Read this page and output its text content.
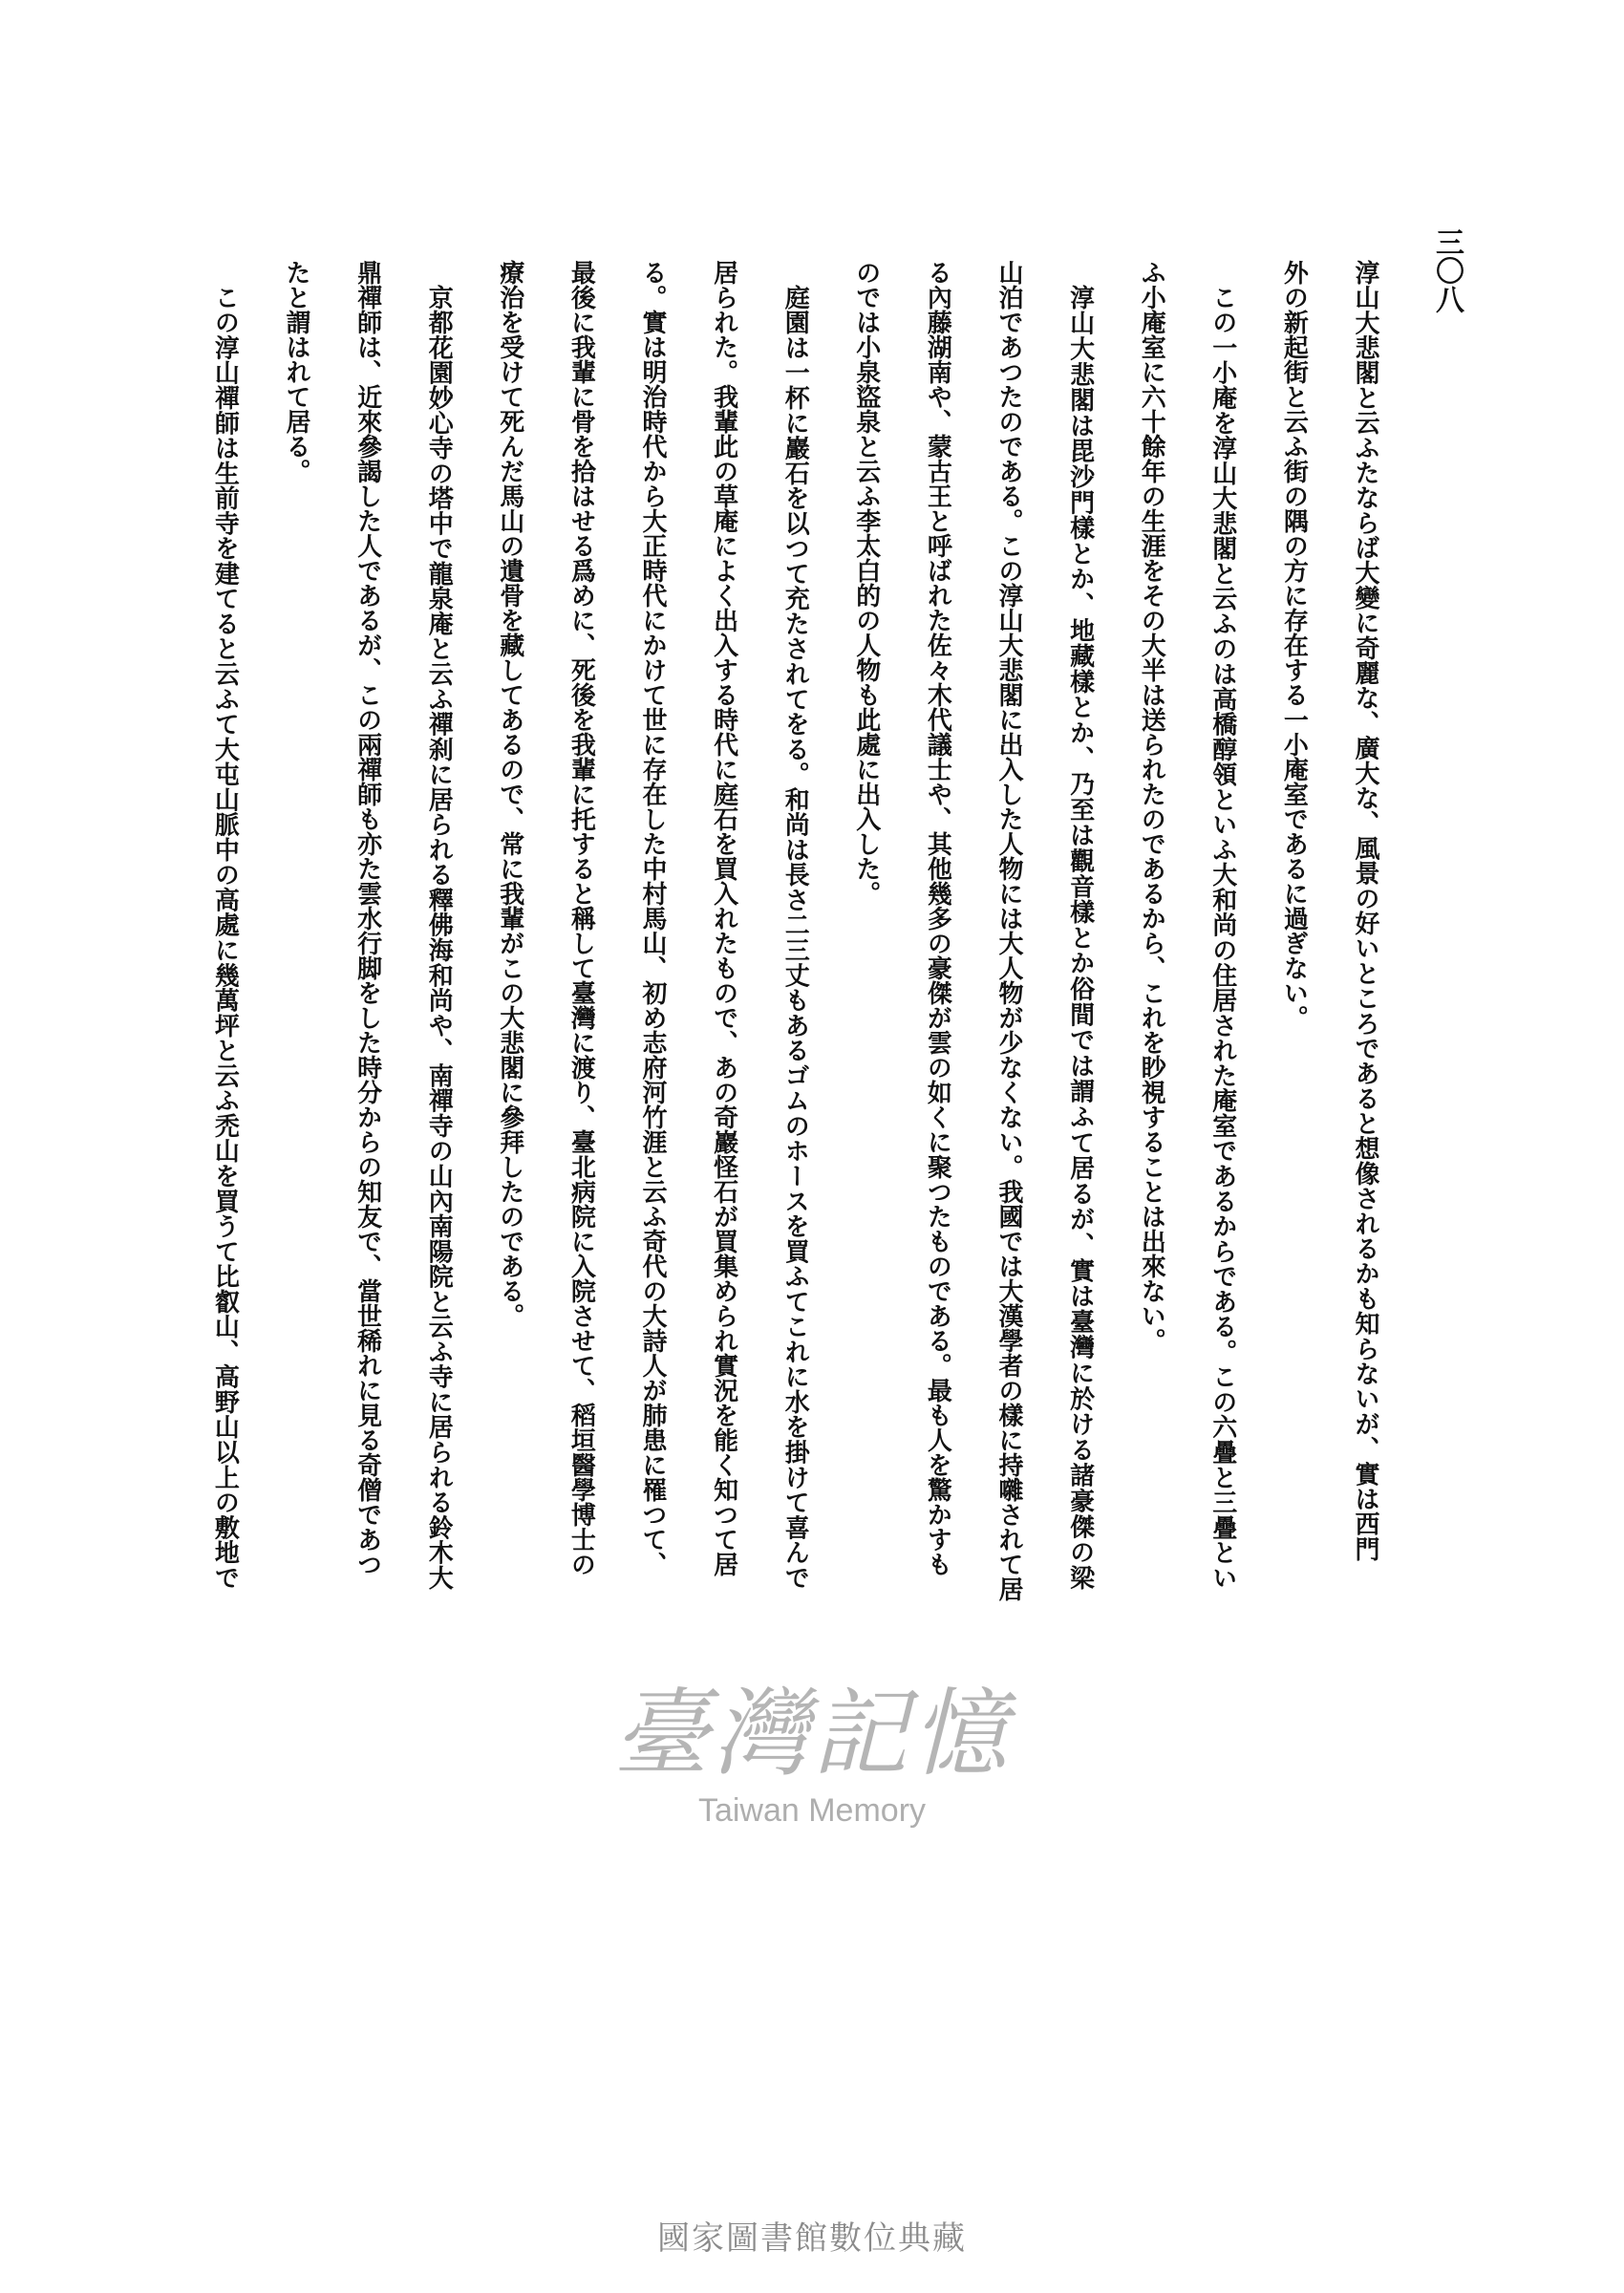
三〇八
淳山大悲閣と云ふたならば大變に奇麗な、廣大な、風景の好いところであると想像されるかも知らないが、實は西門
外の新起街と云ふ街の隅の方に存在する一小庵室であるに過ぎない。
この一小庵を淳山大悲閣と云ふのは高橋醇領といふ大和尚の住居された庵室であるからである。この六疊と三疊とい
ふ小庵室に六十餘年の生涯をその大半は送られたのであるから、これを眇視することは出來ない。
淳山大悲閣は毘沙門樣とか、地藏樣とか、乃至は觀音樣とか俗間では謂ふて居るが、實は臺灣に於ける諸豪傑の梁
山泊であつたのである。この淳山大悲閣に出入した人物には大人物が少なくない。我國では大漢學者の樣に持囃されて居
る內藤湖南や、蒙古王と呼ばれた佐々木代議士や、其他幾多の豪傑が雲の如くに聚つたものである。最も人を驚かすも
のでは小泉盜泉と云ふ李太白的の人物も此處に出入した。
庭園は一杯に巖石を以つて充たされてをる。和尚は長さ二三丈もあるゴムのホースを買ふてこれに水を掛けて喜んで
居られた。我輩此の草庵によく出入する時代に庭石を買入れたもので、あの奇巖怪石が買集められ實況を能く知つて居
る。實は明治時代から大正時代にかけて世に存在した中村馬山、初め志府河竹涯と云ふ奇代の大詩人が肺患に罹つて、
最後に我輩に骨を拾はせる爲めに、死後を我輩に托すると稱して臺灣に渡り、臺北病院に入院させて、稻垣醫學博士の
療治を受けて死んだ馬山の遺骨を藏してあるので、常に我輩がこの大悲閣に參拜したのである。
京都花園妙心寺の塔中で龍泉庵と云ふ禪刹に居られる釋佛海和尚や、南禪寺の山內南陽院と云ふ寺に居られる鈴木大
鼎禪師は、近來參謁した人であるが、この兩禪師も亦た雲水行脚をした時分からの知友で、當世稀れに見る奇僧であつ
たと謂はれて居る。
この淳山禪師は生前寺を建てると云ふて大屯山脈中の高處に幾萬坪と云ふ禿山を買うて比叡山、高野山以上の敷地で
臺灣記憶
Taiwan Memory
國家圖書館數位典藏
